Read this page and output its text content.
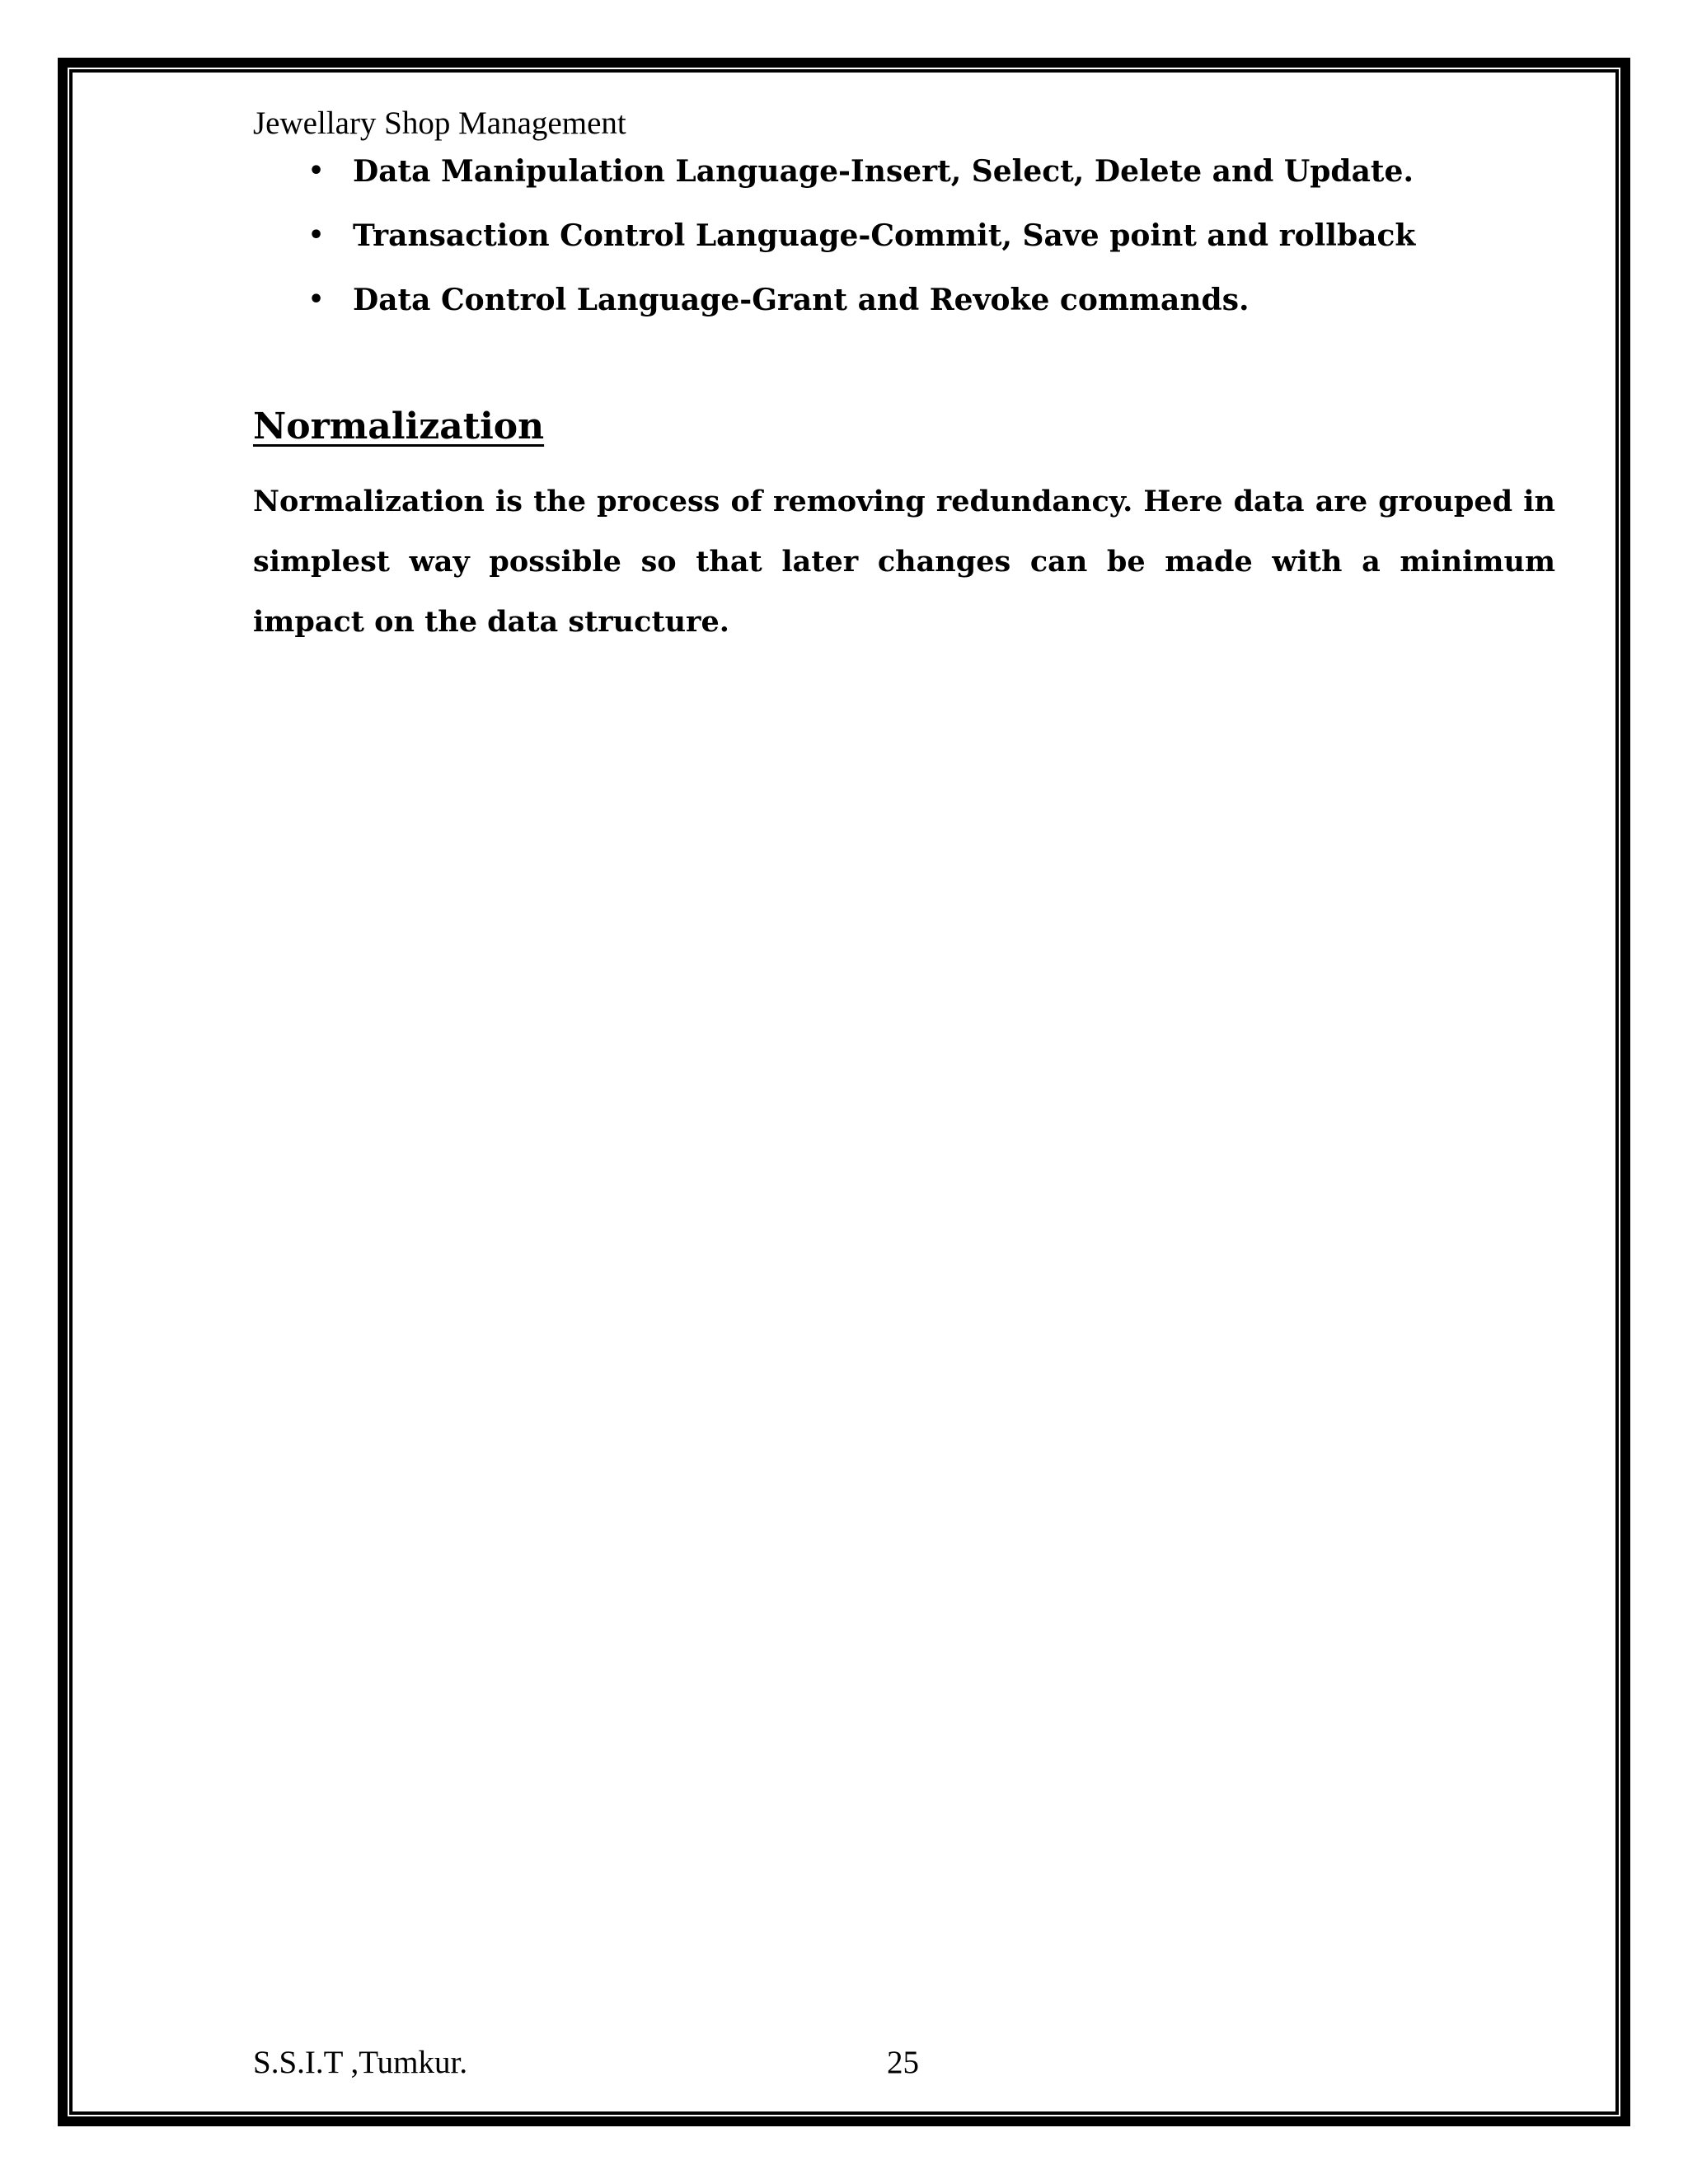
Jewellary Shop Management
• Data Manipulation Language-Insert, Select, Delete and Update.
• Transaction Control Language-Commit, Save point and rollback
• Data Control Language-Grant and Revoke commands.
Normalization

Normalization is the process of removing redundancy. Here data are grouped in simplest way possible so that later changes can be made with a minimum impact on the data structure.

S.S.I.T ,Tumkur.	25
